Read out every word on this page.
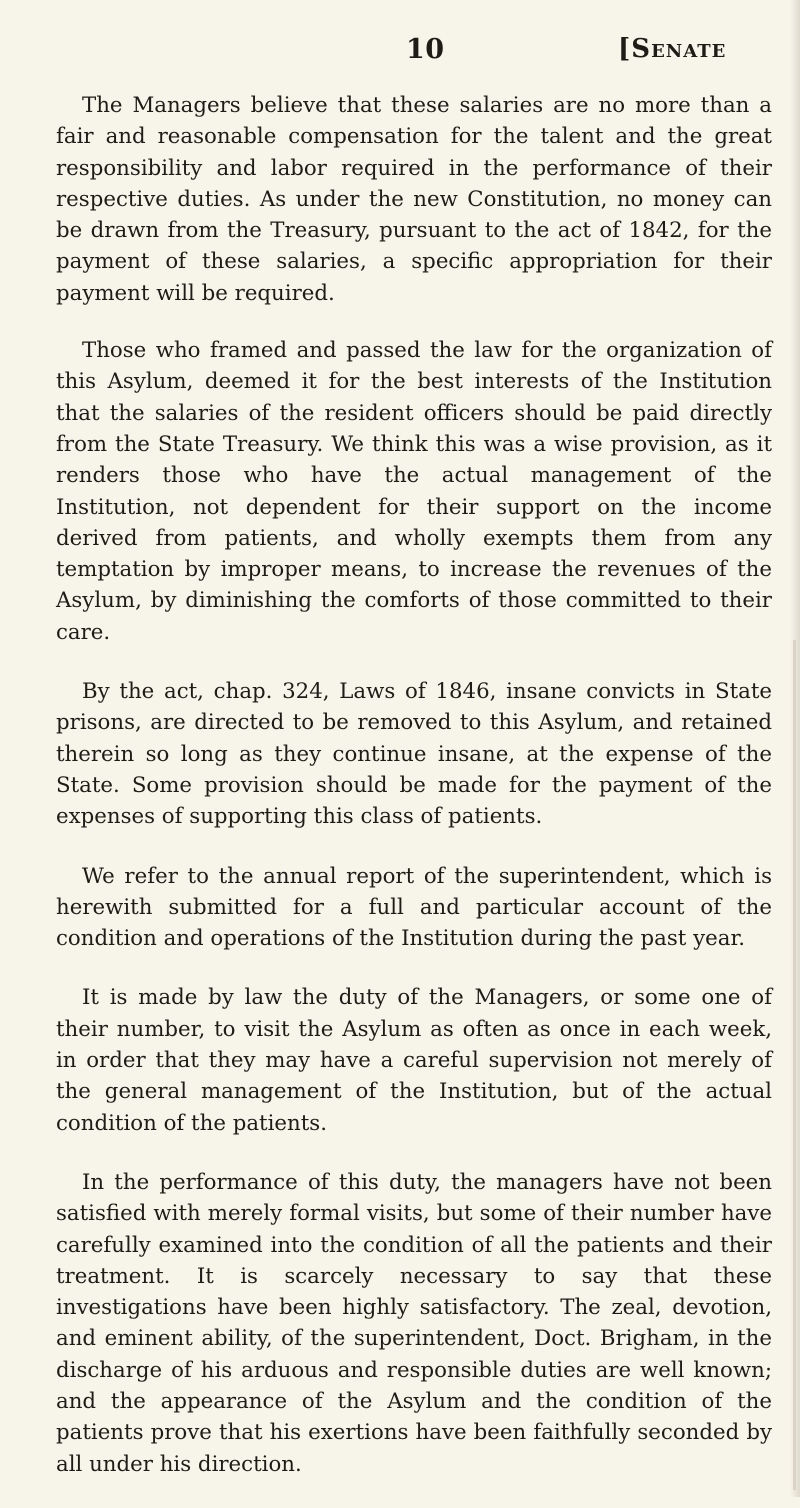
10	[Senate

The Managers believe that these salaries are no more than a fair and reasonable compensation for the talent and the great responsibility and labor required in the performance of their respective duties. As under the new Constitution, no money can be drawn from the Treasury, pursuant to the act of 1842, for the payment of these salaries, a specific appropriation for their payment will be required.

Those who framed and passed the law for the organization of this Asylum, deemed it for the best interests of the Institution that the salaries of the resident officers should be paid directly from the State Treasury. We think this was a wise provision, as it renders those who have the actual management of the Institution, not dependent for their support on the income derived from patients, and wholly exempts them from any temptation by improper means, to increase the revenues of the Asylum, by diminishing the comforts of those committed to their care.

By the act, chap. 324, Laws of 1846, insane convicts in State prisons, are directed to be removed to this Asylum, and retained therein so long as they continue insane, at the expense of the State. Some provision should be made for the payment of the expenses of supporting this class of patients.

We refer to the annual report of the superintendent, which is herewith submitted for a full and particular account of the condition and operations of the Institution during the past year.

It is made by law the duty of the Managers, or some one of their number, to visit the Asylum as often as once in each week, in order that they may have a careful supervision not merely of the general management of the Institution, but of the actual condition of the patients.

In the performance of this duty, the managers have not been satisfied with merely formal visits, but some of their number have carefully examined into the condition of all the patients and their treatment. It is scarcely necessary to say that these investigations have been highly satisfactory. The zeal, devotion, and eminent ability, of the superintendent, Doct. Brigham, in the discharge of his arduous and responsible duties are well known; and the appearance of the Asylum and the condition of the patients prove that his exertions have been faithfully seconded by all under his direction.
